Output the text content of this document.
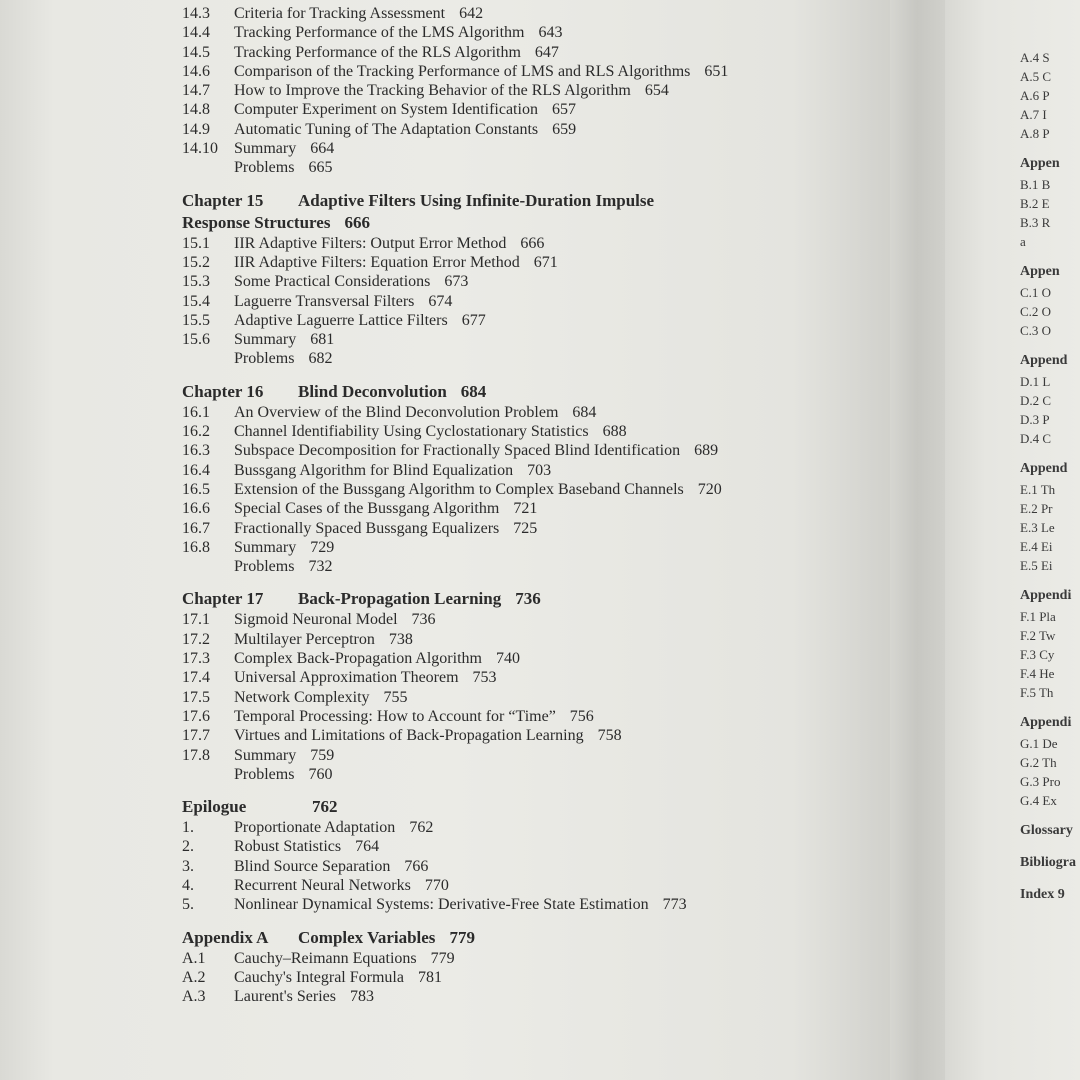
14.3 Criteria for Tracking Assessment 642
14.4 Tracking Performance of the LMS Algorithm 643
14.5 Tracking Performance of the RLS Algorithm 647
14.6 Comparison of the Tracking Performance of LMS and RLS Algorithms 651
14.7 How to Improve the Tracking Behavior of the RLS Algorithm 654
14.8 Computer Experiment on System Identification 657
14.9 Automatic Tuning of The Adaptation Constants 659
14.10 Summary 664
Problems 665
Chapter 15 Adaptive Filters Using Infinite-Duration Impulse
Response Structures 666
15.1 IIR Adaptive Filters: Output Error Method 666
15.2 IIR Adaptive Filters: Equation Error Method 671
15.3 Some Practical Considerations 673
15.4 Laguerre Transversal Filters 674
15.5 Adaptive Laguerre Lattice Filters 677
15.6 Summary 681
Problems 682
Chapter 16 Blind Deconvolution 684
16.1 An Overview of the Blind Deconvolution Problem 684
16.2 Channel Identifiability Using Cyclostationary Statistics 688
16.3 Subspace Decomposition for Fractionally Spaced Blind Identification 689
16.4 Bussgang Algorithm for Blind Equalization 703
16.5 Extension of the Bussgang Algorithm to Complex Baseband Channels 720
16.6 Special Cases of the Bussgang Algorithm 721
16.7 Fractionally Spaced Bussgang Equalizers 725
16.8 Summary 729
Problems 732
Chapter 17 Back-Propagation Learning 736
17.1 Sigmoid Neuronal Model 736
17.2 Multilayer Perceptron 738
17.3 Complex Back-Propagation Algorithm 740
17.4 Universal Approximation Theorem 753
17.5 Network Complexity 755
17.6 Temporal Processing: How to Account for “Time” 756
17.7 Virtues and Limitations of Back-Propagation Learning 758
17.8 Summary 759
Problems 760
Epilogue	762
1.	Proportionate Adaptation 762
2.	Robust Statistics 764
3.	Blind Source Separation 766
4.	Recurrent Neural Networks 770
5.	Nonlinear Dynamical Systems: Derivative-Free State Estimation 773
Appendix A Complex Variables 779
A.1 Cauchy–Reimann Equations 779
A.2 Cauchy's Integral Formula 781
A.3 Laurent's Series 783
A.4 S
A.5 C
A.6 P
A.7 I
A.8 P
Appen
B.1 B
B.2 E
B.3 R
a
Appen
C.1 O
C.2 O
C.3 O
Append
D.1 L
D.2 C
D.3 P
D.4 C
Append
E.1 Th
E.2 Pr
E.3 Le
E.4 Ei
E.5 Ei
Appendi
F.1 Pla
F.2 Tw
F.3 Cy
F.4 He
F.5 Th
Appendi
G.1 De
G.2 Th
G.3 Pro
G.4 Ex
Glossary
Bibliogra
Index 9
